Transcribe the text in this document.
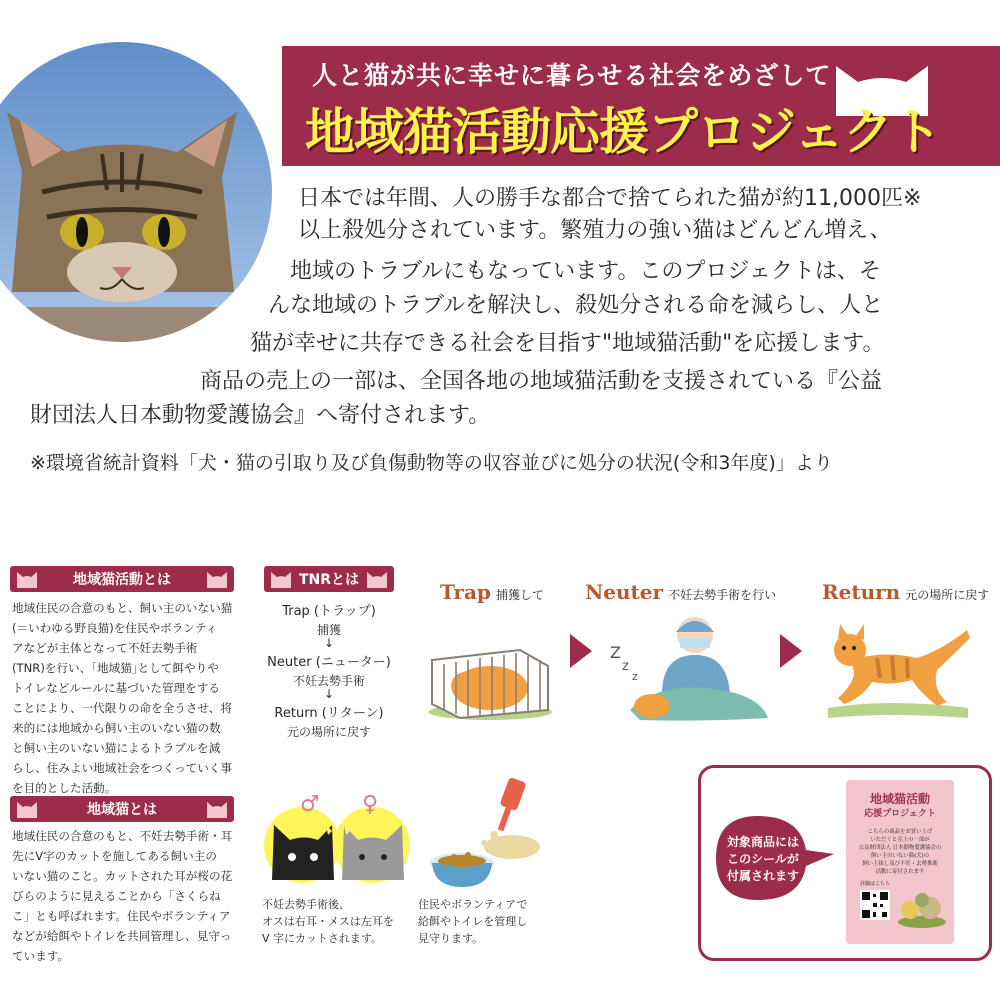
人と猫が共に幸せに暮らせる社会をめざして
地域猫活動応援プロジェクト
日本では年間、人の勝手な都合で捨てられた猫が約11,000匹※
以上殺処分されています。繁殖力の強い猫はどんどん増え、
地域のトラブルにもなっています。このプロジェクトは、そ
んな地域のトラブルを解決し、殺処分される命を減らし、人と
猫が幸せに共存できる社会を目指す"地域猫活動"を応援します。
商品の売上の一部は、全国各地の地域猫活動を支援されている『公益
財団法人日本動物愛護協会』へ寄付されます。
※環境省統計資料「犬・猫の引取り及び負傷動物等の収容並びに処分の状況(令和3年度)」より
地域猫活動とは
地域住民の合意のもと、飼い主のいない猫
(＝いわゆる野良猫)を住民やボランティ
アなどが主体となって不妊去勢手術
(TNR)を行い、｢地域猫｣として餌やりや
トイレなどルールに基づいた管理をする
ことにより、一代限りの命を全うさせ、将
来的には地域から飼い主のいない猫の数
と飼い主のいない猫によるトラブルを減
らし、住みよい地域社会をつくっていく事
を目的とした活動。
地域猫とは
地域住民の合意のもと、不妊去勢手術・耳
先にV字のカットを施してある飼い主の
いない猫のこと。カットされた耳が桜の花
びらのように見えることから「さくらね
こ」とも呼ばれます。住民やボランティア
などが給餌やトイレを共同管理し、見守っ
ています。
TNRとは
Trap (トラップ)
捕獲
↓
Neuter (ニューター)
不妊去勢手術
↓
Return (リターン)
元の場所に戻す
Trap 捕獲して Neuter 不妊去勢手術を行い
Z
z
z
Return 元の場所に戻す
♂ ♀
不妊去勢手術後、
オスは右耳・メスは左耳を
V 字にカットされます。
住民やボランティアで
給餌やトイレを管理し
見守ります。
対象商品には
このシールが
付属されます
地域猫活動
応援プロジェクト
こちらの商品をお買い上げ
いただくと売上の一部が
公益財団法人 日本動物愛護協会の
飼い主のいない猫(犬)の
飼い主探し及び不妊・去勢推進
活動に寄付されます
詳細はこちら
